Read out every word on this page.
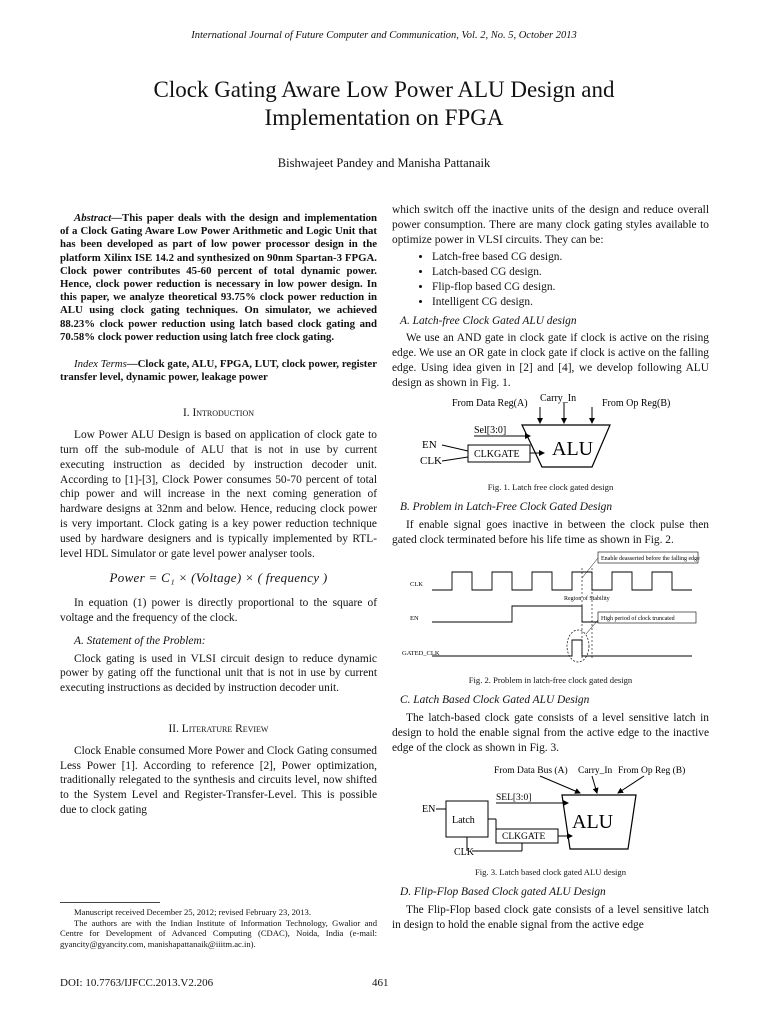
International Journal of Future Computer and Communication, Vol. 2, No. 5, October 2013
Clock Gating Aware Low Power ALU Design and
Implementation on FPGA
Bishwajeet Pandey and Manisha Pattanaik

Abstract—This paper deals with the design and implementation of a Clock Gating Aware Low Power Arithmetic and Logic Unit that has been developed as part of low power processor design in the platform Xilinx ISE 14.2 and synthesized on 90nm Spartan-3 FPGA. Clock power contributes 45-60 percent of total dynamic power. Hence, clock power reduction is necessary in low power design. In this paper, we analyze theoretical 93.75% clock power reduction in ALU using clock gating techniques. On simulator, we achieved 88.23% clock power reduction using latch based clock gating and 70.58% clock power reduction using latch free clock gating.

Index Terms—Clock gate, ALU, FPGA, LUT, clock power, register transfer level, dynamic power, leakage power

I. Introduction

Low Power ALU Design is based on application of clock gate to turn off the sub-module of ALU that is not in use by current executing instruction as decided by instruction decoder unit. According to [1]-[3], Clock Power consumes 50-70 percent of total chip power and will increase in the next coming generation of hardware designs at 32nm and below. Hence, reducing clock power is very important. Clock gating is a key power reduction technique used by hardware designers and is typically implemented by RTL-level HDL Simulator or gate level power analyser tools.

Power = C₁ × (Voltage) × ( frequency )

In equation (1) power is directly proportional to the square of voltage and the frequency of the clock.

A. Statement of the Problem:

Clock gating is used in VLSI circuit design to reduce dynamic power by gating off the functional unit that is not in use by current executing instructions as decided by instruction decoder unit.

II. Literature Review

Clock Enable consumed More Power and Clock Gating consumed Less Power [1]. According to reference [2], Power optimization, traditionally relegated to the synthesis and circuits level, now shifted to the System Level and Register-Transfer-Level. This is possible due to clock gating

Manuscript received December 25, 2012; revised February 23, 2013.

The authors are with the Indian Institute of Information Technology, Gwalior and Centre for Development of Advanced Computing (CDAC), Noida, India (e-mail: gyancity@gyancity.com, manishapattanaik@iiitm.ac.in).

which switch off the inactive units of the design and reduce overall power consumption. There are many clock gating styles available to optimize power in VLSI circuits. They can be:

• Latch-free based CG design.
• Latch-based CG design.
• Flip-flop based CG design.
• Intelligent CG design.
A. Latch-free Clock Gated ALU design

We use an AND gate in clock gate if clock is active on the rising edge. We use an OR gate in clock gate if clock is active on the falling edge. Using idea given in [2] and [4], we develop following ALU design as shown in Fig. 1.

From Data Reg(A) Carry_In	From Op Reg(B)
ALU
Sel[3:0]
EN
CLK
CLKGATE
Fig. 1. Latch free clock gated design
B. Problem in Latch-Free Clock Gated Design

If enable signal goes inactive in between the clock pulse then gated clock terminated before his life time as shown in Fig. 2.

CLK
EN
GATED_CLK
Enable deasserted before the falling edge
Region of Stability
High period of clock truncated
Fig. 2. Problem in latch-free clock gated design
C. Latch Based Clock Gated ALU Design

The latch-based clock gate consists of a level sensitive latch in design to hold the enable signal from the active edge to the inactive edge of the clock as shown in Fig. 3.

From Data Bus (A) Carry_In From Op Reg (B)
ALU
SEL[3:0]
EN
Latch
CLKGATE
CLK
Fig. 3. Latch based clock gated ALU design
D. Flip-Flop Based Clock gated ALU Design

The Flip-Flop based clock gate consists of a level sensitive latch in design to hold the enable signal from the active edge

DOI: 10.7763/IJFCC.2013.V2.206	461
